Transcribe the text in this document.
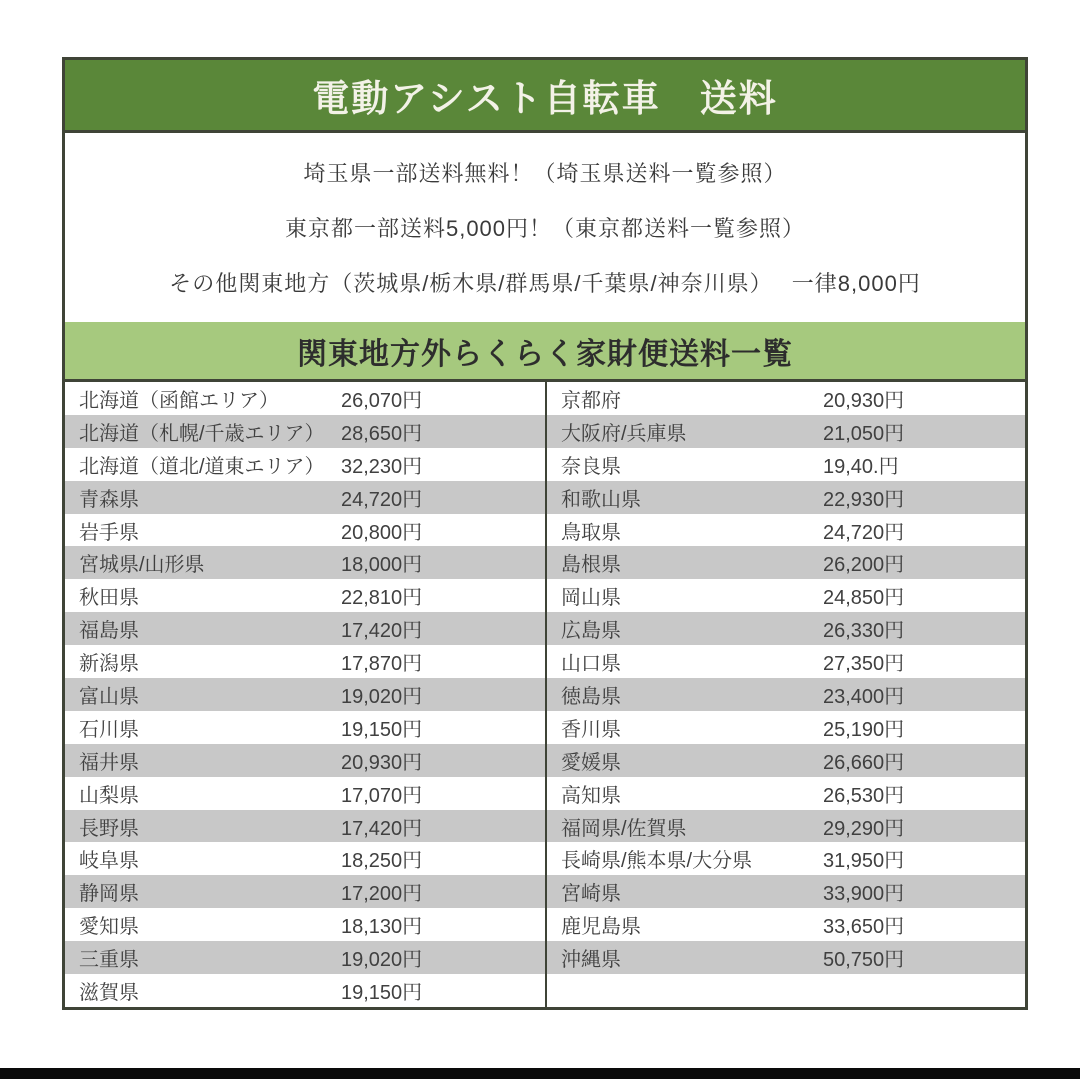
電動アシスト自転車　送料
埼玉県一部送料無料！（埼玉県送料一覧参照）
東京都一部送料5,000円！（東京都送料一覧参照）
その他関東地方（茨城県/栃木県/群馬県/千葉県/神奈川県）　 一律8,000円
関東地方外らくらく家財便送料一覧
北海道（函館エリア）	26,070円
北海道（札幌/千歳エリア） 28,650円
北海道（道北/道東エリア） 32,230円
青森県	24,720円
岩手県	20,800円
宮城県/山形県	18,000円
秋田県	22,810円
福島県	17,420円
新潟県	17,870円
富山県	19,020円
石川県	19,150円
福井県	20,930円
山梨県	17,070円
長野県	17,420円
岐阜県	18,250円
静岡県	17,200円
愛知県	18,130円
三重県	19,020円
滋賀県	19,150円
京都府	20,930円
大阪府/兵庫県	21,050円
奈良県	19,40.円
和歌山県	22,930円
鳥取県	24,720円
島根県	26,200円
岡山県	24,850円
広島県	26,330円
山口県	27,350円
徳島県	23,400円
香川県	25,190円
愛媛県	26,660円
高知県	26,530円
福岡県/佐賀県	29,290円
長崎県/熊本県/大分県	31,950円
宮崎県	33,900円
鹿児島県	33,650円
沖縄県	50,750円
